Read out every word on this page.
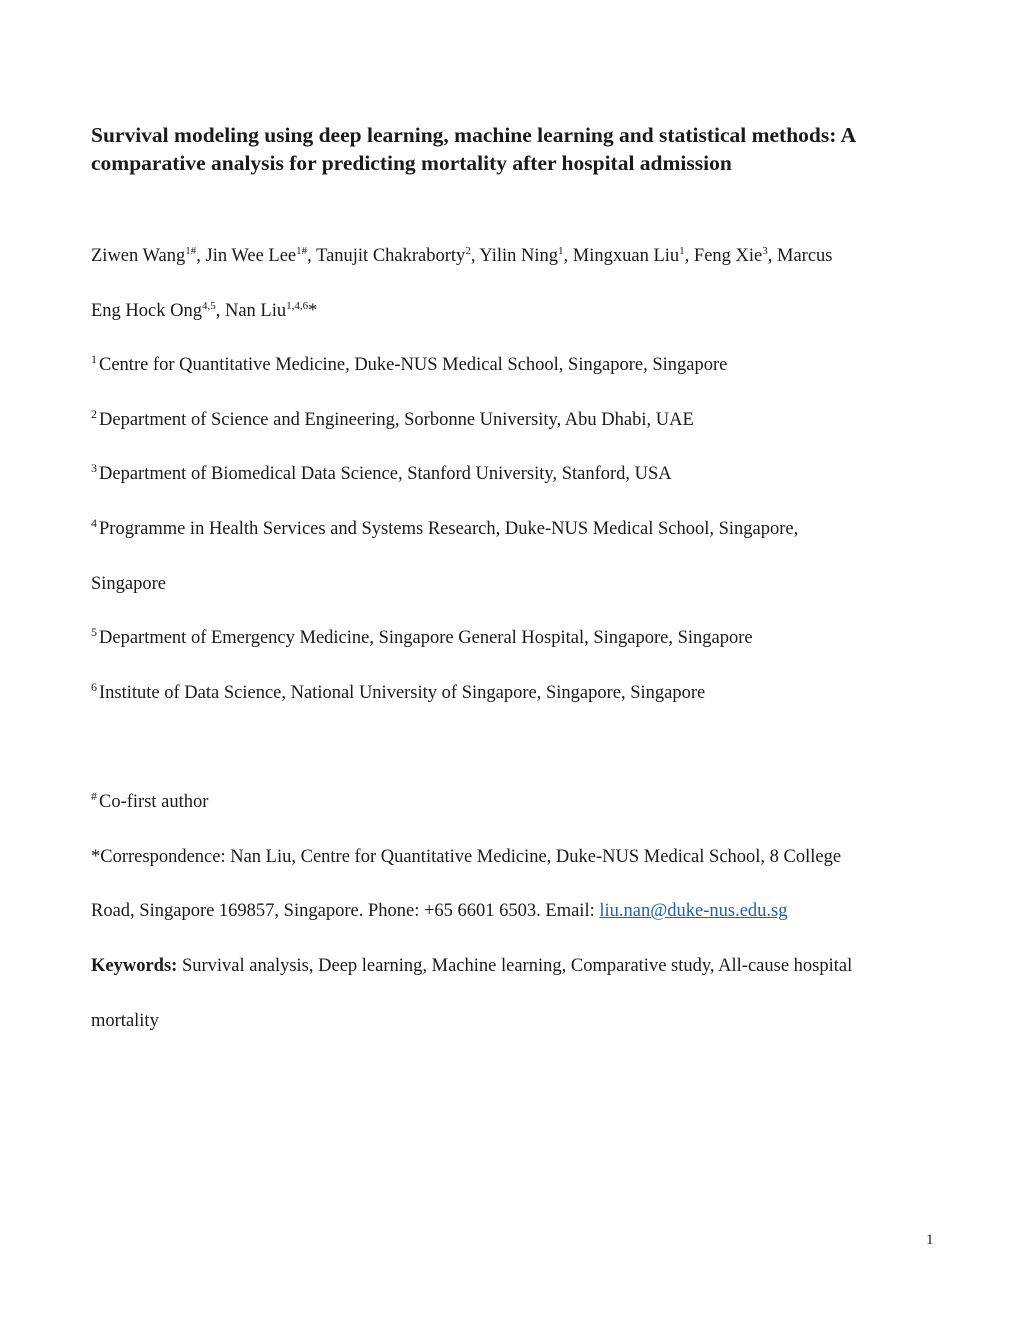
Survival modeling using deep learning, machine learning and statistical methods: A comparative analysis for predicting mortality after hospital admission

Ziwen Wang$^{1\#}$, Jin Wee Lee$^{1\#}$, Tanujit Chakraborty$^2$, Yilin Ning$^1$, Mingxuan Liu$^1$, Feng Xie$^3$, Marcus

Eng Hock Ong$^{4,5}$, Nan Liu$^{1,4,6}$*

$^1$ Centre for Quantitative Medicine, Duke-NUS Medical School, Singapore, Singapore

$^2$ Department of Science and Engineering, Sorbonne University, Abu Dhabi, UAE

$^3$ Department of Biomedical Data Science, Stanford University, Stanford, USA

$^4$ Programme in Health Services and Systems Research, Duke-NUS Medical School, Singapore,

Singapore

$^5$ Department of Emergency Medicine, Singapore General Hospital, Singapore, Singapore

$^6$ Institute of Data Science, National University of Singapore, Singapore, Singapore

# Co-first author

*Correspondence: Nan Liu, Centre for Quantitative Medicine, Duke-NUS Medical School, 8 College

Road, Singapore 169857, Singapore. Phone: +65 6601 6503. Email: liu.nan@duke-nus.edu.sg

Keywords: Survival analysis, Deep learning, Machine learning, Comparative study, All-cause hospital

mortality

1
